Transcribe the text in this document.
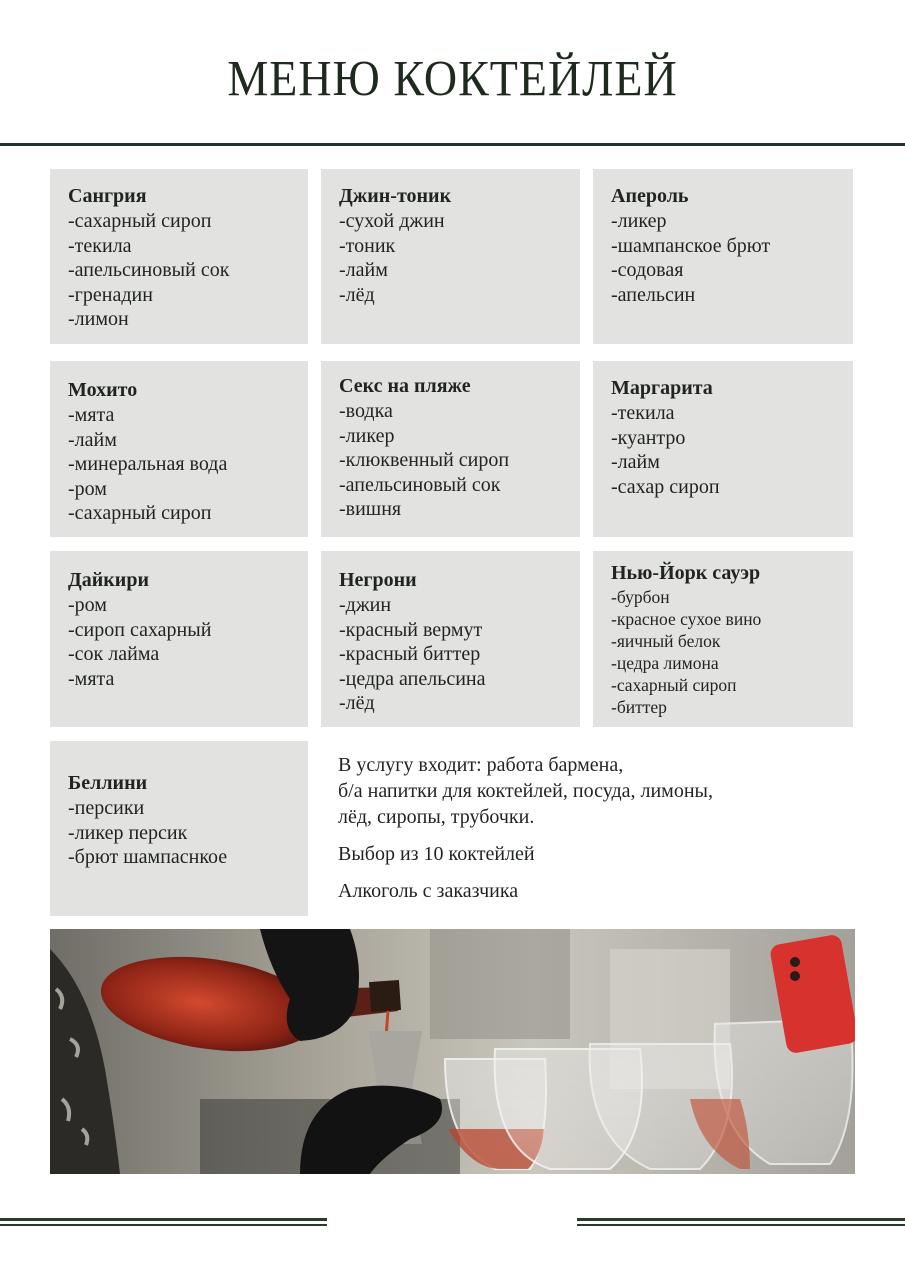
МЕНЮ КОКТЕЙЛЕЙ
Сангрия
-сахарный сироп
-текила
-апельсиновый сок
-гренадин
-лимон
Джин-тоник
-сухой джин
-тоник
-лайм
-лёд
Апероль
-ликер
-шампанское брют
-содовая
-апельсин
Мохито
-мята
-лайм
-минеральная вода
-ром
-сахарный сироп
Секс на пляже
-водка
-ликер
-клюквенный сироп
-апельсиновый сок
-вишня
Маргарита
-текила
-куантро
-лайм
-сахар сироп
Дайкири
-ром
-сироп сахарный
-сок лайма
-мята
Негрони
-джин
-красный вермут
-красный биттер
-цедра апельсина
-лёд
Нью-Йорк сауэр
-бурбон
-красное сухое вино
-яичный белок
-цедра лимона
-сахарный сироп
-биттер
Беллини
-персики
-ликер персик
-брют шампаснкое

В услугу входит: работа бармена,

б/а напитки для коктейлей, посуда, лимоны,

лёд, сиропы, трубочки.

Выбор из 10 коктейлей

Алкоголь с заказчика
